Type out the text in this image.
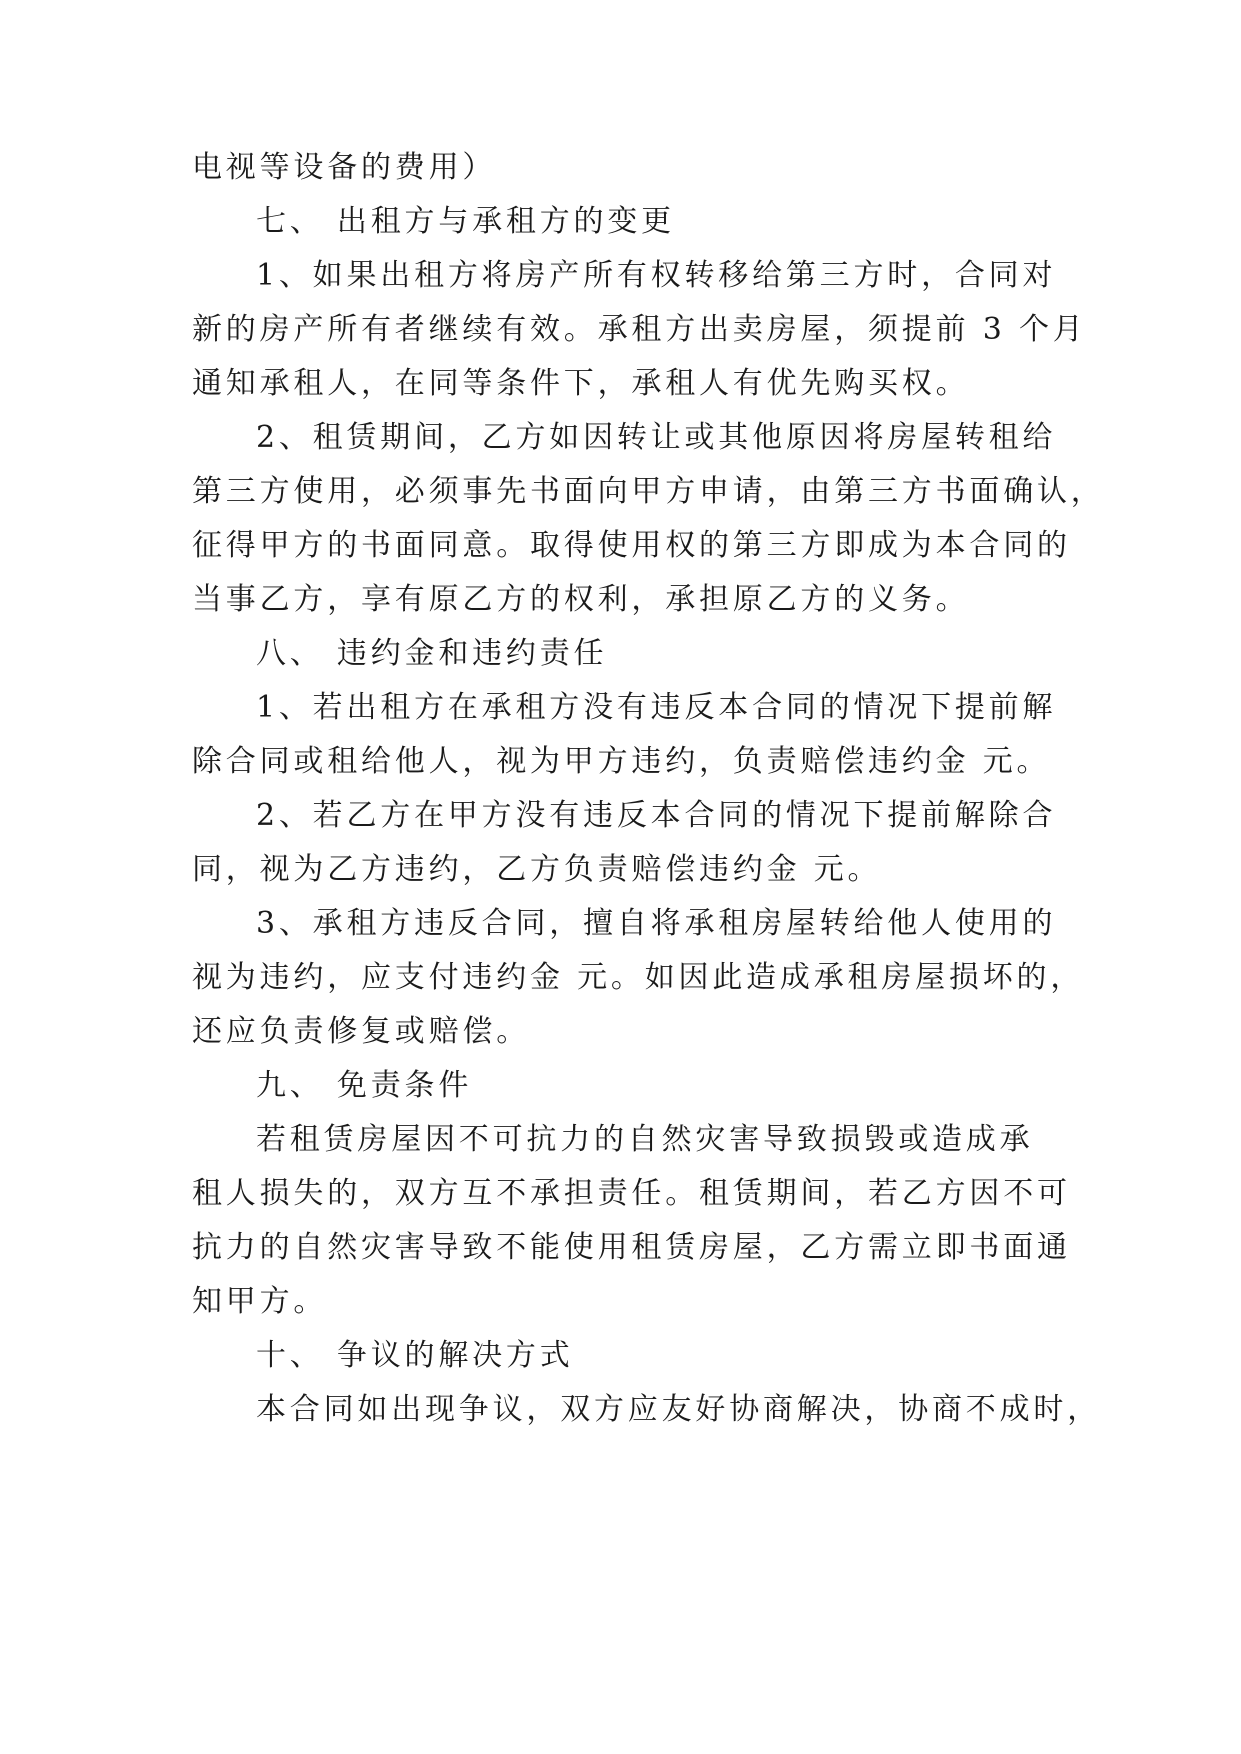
电视等设备的费用）

七、 出租方与承租方的变更

1、如果出租方将房产所有权转移给第三方时，合同对

新的房产所有者继续有效。承租方出卖房屋，须提前 3 个月

通知承租人，在同等条件下，承租人有优先购买权。

2、租赁期间，乙方如因转让或其他原因将房屋转租给

第三方使用，必须事先书面向甲方申请，由第三方书面确认，

征得甲方的书面同意。取得使用权的第三方即成为本合同的

当事乙方，享有原乙方的权利，承担原乙方的义务。

八、 违约金和违约责任

1、若出租方在承租方没有违反本合同的情况下提前解

除合同或租给他人，视为甲方违约，负责赔偿违约金 元。

2、若乙方在甲方没有违反本合同的情况下提前解除合

同，视为乙方违约，乙方负责赔偿违约金 元。

3、承租方违反合同，擅自将承租房屋转给他人使用的

视为违约，应支付违约金 元。如因此造成承租房屋损坏的，

还应负责修复或赔偿。

九、 免责条件

若租赁房屋因不可抗力的自然灾害导致损毁或造成承

租人损失的，双方互不承担责任。租赁期间，若乙方因不可

抗力的自然灾害导致不能使用租赁房屋，乙方需立即书面通

知甲方。

十、 争议的解决方式

本合同如出现争议，双方应友好协商解决，协商不成时，
